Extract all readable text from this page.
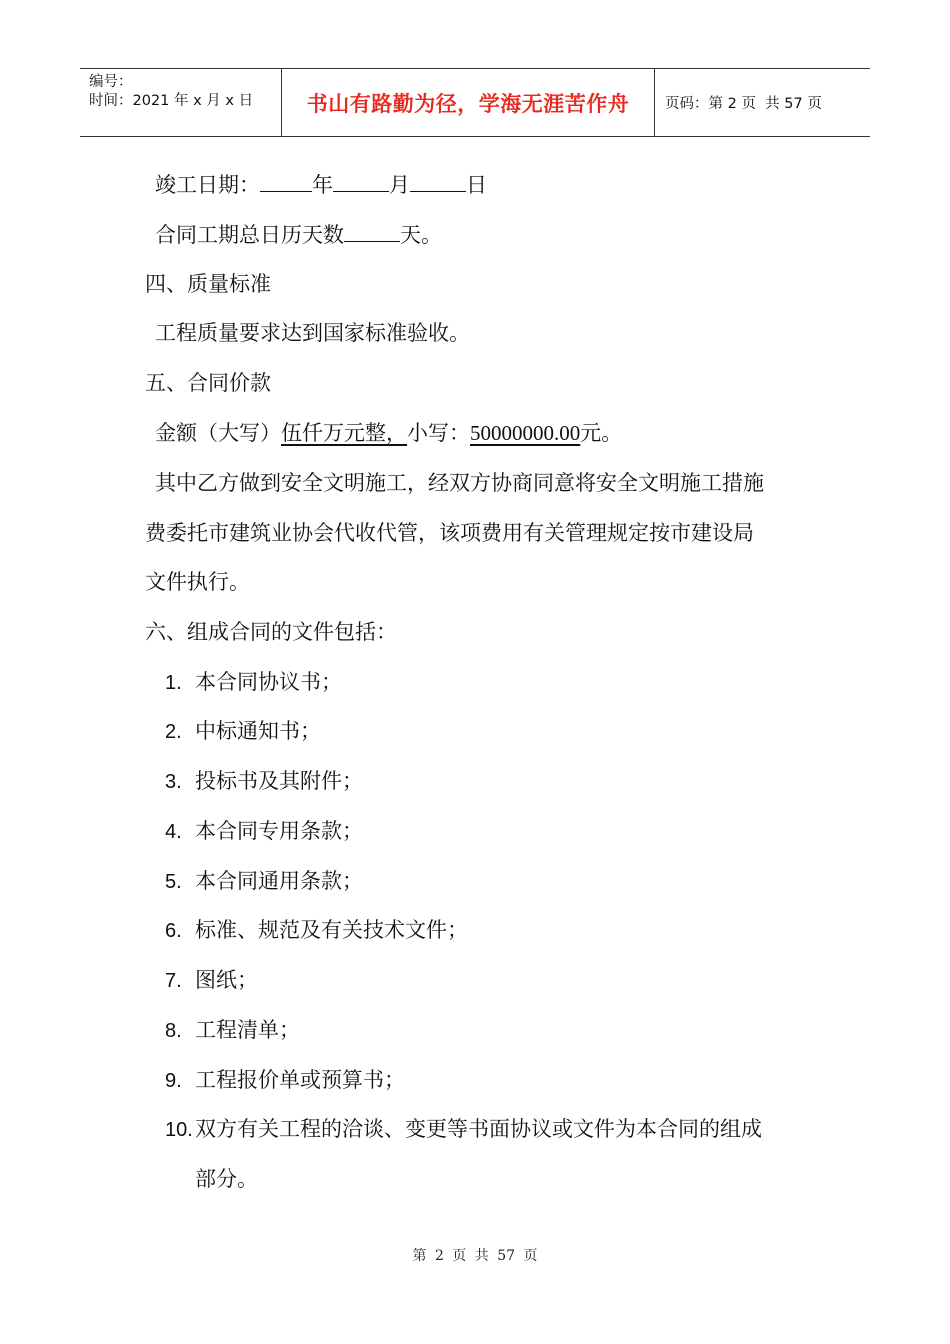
编号：
时间：2021 年 x 月 x 日	书山有路勤为径，学海无涯苦作舟	页码：第 2 页  共 57 页
竣工日期： 年	月	日
合同工期总日历天数	天。
四、质量标准
工程质量要求达到国家标准验收。
五、合同价款
金额（大写）伍仟万元整，小写：50000000.00元。
其中乙方做到安全文明施工，经双方协商同意将安全文明施工措施
费委托市建筑业协会代收代管，该项费用有关管理规定按市建设局
文件执行。
六、组成合同的文件包括：
1. 本合同协议书；
2. 中标通知书；
3. 投标书及其附件；
4. 本合同专用条款；
5. 本合同通用条款；
6. 标准、规范及有关技术文件；
7. 图纸；
8. 工程清单；
9. 工程报价单或预算书；
10. 双方有关工程的洽谈、变更等书面协议或文件为本合同的组成
部分。
第 2 页 共 57 页
